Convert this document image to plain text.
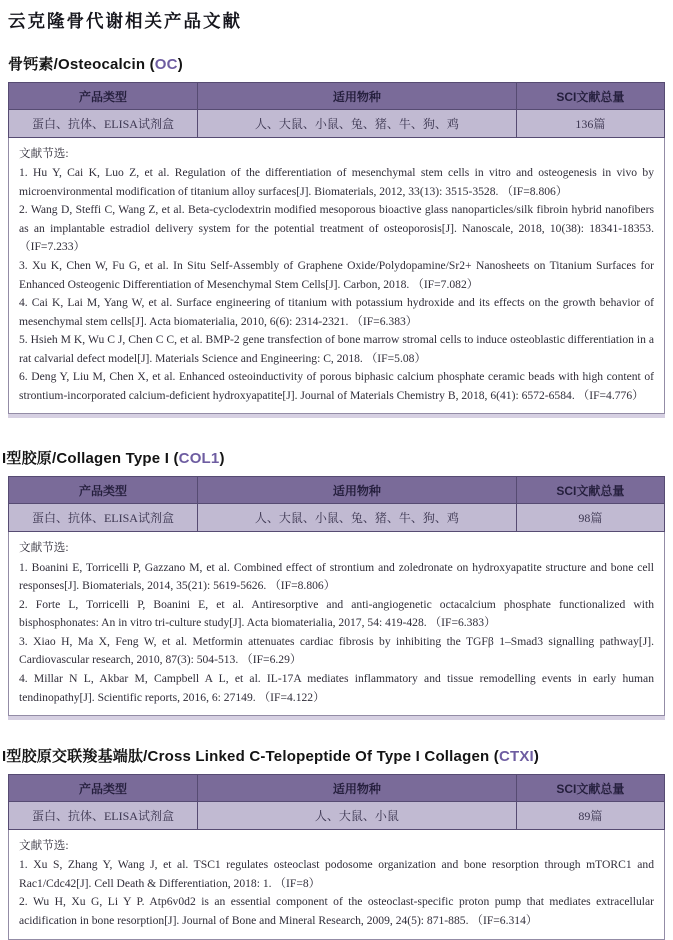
云克隆骨代谢相关产品文献
骨钙素/Osteocalcin (OC)
产品类型	适用物种	SCI文献总量
蛋白、抗体、ELISA试剂盒	人、大鼠、小鼠、兔、猪、牛、狗、鸡	136篇
文献节选:

1. Hu Y, Cai K, Luo Z, et al. Regulation of the differentiation of mesenchymal stem cells in vitro and osteogenesis in vivo by microenvironmental modification of titanium alloy surfaces[J]. Biomaterials, 2012, 33(13): 3515-3528. （IF=8.806）

2. Wang D, Steffi C, Wang Z, et al. Beta-cyclodextrin modified mesoporous bioactive glass nanoparticles/silk fibroin hybrid nanofibers as an implantable estradiol delivery system for the potential treatment of osteoporosis[J]. Nanoscale, 2018, 10(38): 18341-18353. （IF=7.233）

3. Xu K, Chen W, Fu G, et al. In Situ Self-Assembly of Graphene Oxide/Polydopamine/Sr2+ Nanosheets on Titanium Surfaces for Enhanced Osteogenic Differentiation of Mesenchymal Stem Cells[J]. Carbon, 2018. （IF=7.082）

4. Cai K, Lai M, Yang W, et al. Surface engineering of titanium with potassium hydroxide and its effects on the growth behavior of mesenchymal stem cells[J]. Acta biomaterialia, 2010, 6(6): 2314-2321. （IF=6.383）

5. Hsieh M K, Wu C J, Chen C C, et al. BMP-2 gene transfection of bone marrow stromal cells to induce osteoblastic differentiation in a rat calvarial defect model[J]. Materials Science and Engineering: C, 2018. （IF=5.08）

6. Deng Y, Liu M, Chen X, et al. Enhanced osteoinductivity of porous biphasic calcium phosphate ceramic beads with high content of strontium-incorporated calcium-deficient hydroxyapatite[J]. Journal of Materials Chemistry B, 2018, 6(41): 6572-6584. （IF=4.776）

I型胶原/Collagen Type I (COL1)
产品类型	适用物种	SCI文献总量
蛋白、抗体、ELISA试剂盒	人、大鼠、小鼠、兔、猪、牛、狗、鸡	98篇
文献节选:

1. Boanini E, Torricelli P, Gazzano M, et al. Combined effect of strontium and zoledronate on hydroxyapatite structure and bone cell responses[J]. Biomaterials, 2014, 35(21): 5619-5626. （IF=8.806）

2. Forte L, Torricelli P, Boanini E, et al. Antiresorptive and anti-angiogenetic octacalcium phosphate functionalized with bisphosphonates: An in vitro tri-culture study[J]. Acta biomaterialia, 2017, 54: 419-428. （IF=6.383）

3. Xiao H, Ma X, Feng W, et al. Metformin attenuates cardiac fibrosis by inhibiting the TGFβ 1–Smad3 signalling pathway[J]. Cardiovascular research, 2010, 87(3): 504-513. （IF=6.29）

4. Millar N L, Akbar M, Campbell A L, et al. IL-17A mediates inflammatory and tissue remodelling events in early human tendinopathy[J]. Scientific reports, 2016, 6: 27149. （IF=4.122）

I型胶原交联羧基端肽/Cross Linked C-Telopeptide Of Type I Collagen (CTXI)
产品类型	适用物种	SCI文献总量
蛋白、抗体、ELISA试剂盒	人、大鼠、小鼠	89篇
文献节选:

1. Xu S, Zhang Y, Wang J, et al. TSC1 regulates osteoclast podosome organization and bone resorption through mTORC1 and Rac1/Cdc42[J]. Cell Death & Differentiation, 2018: 1. （IF=8）

2. Wu H, Xu G, Li Y P. Atp6v0d2 is an essential component of the osteoclast-specific proton pump that mediates extracellular acidification in bone resorption[J]. Journal of Bone and Mineral Research, 2009, 24(5): 871-885. （IF=6.314）
